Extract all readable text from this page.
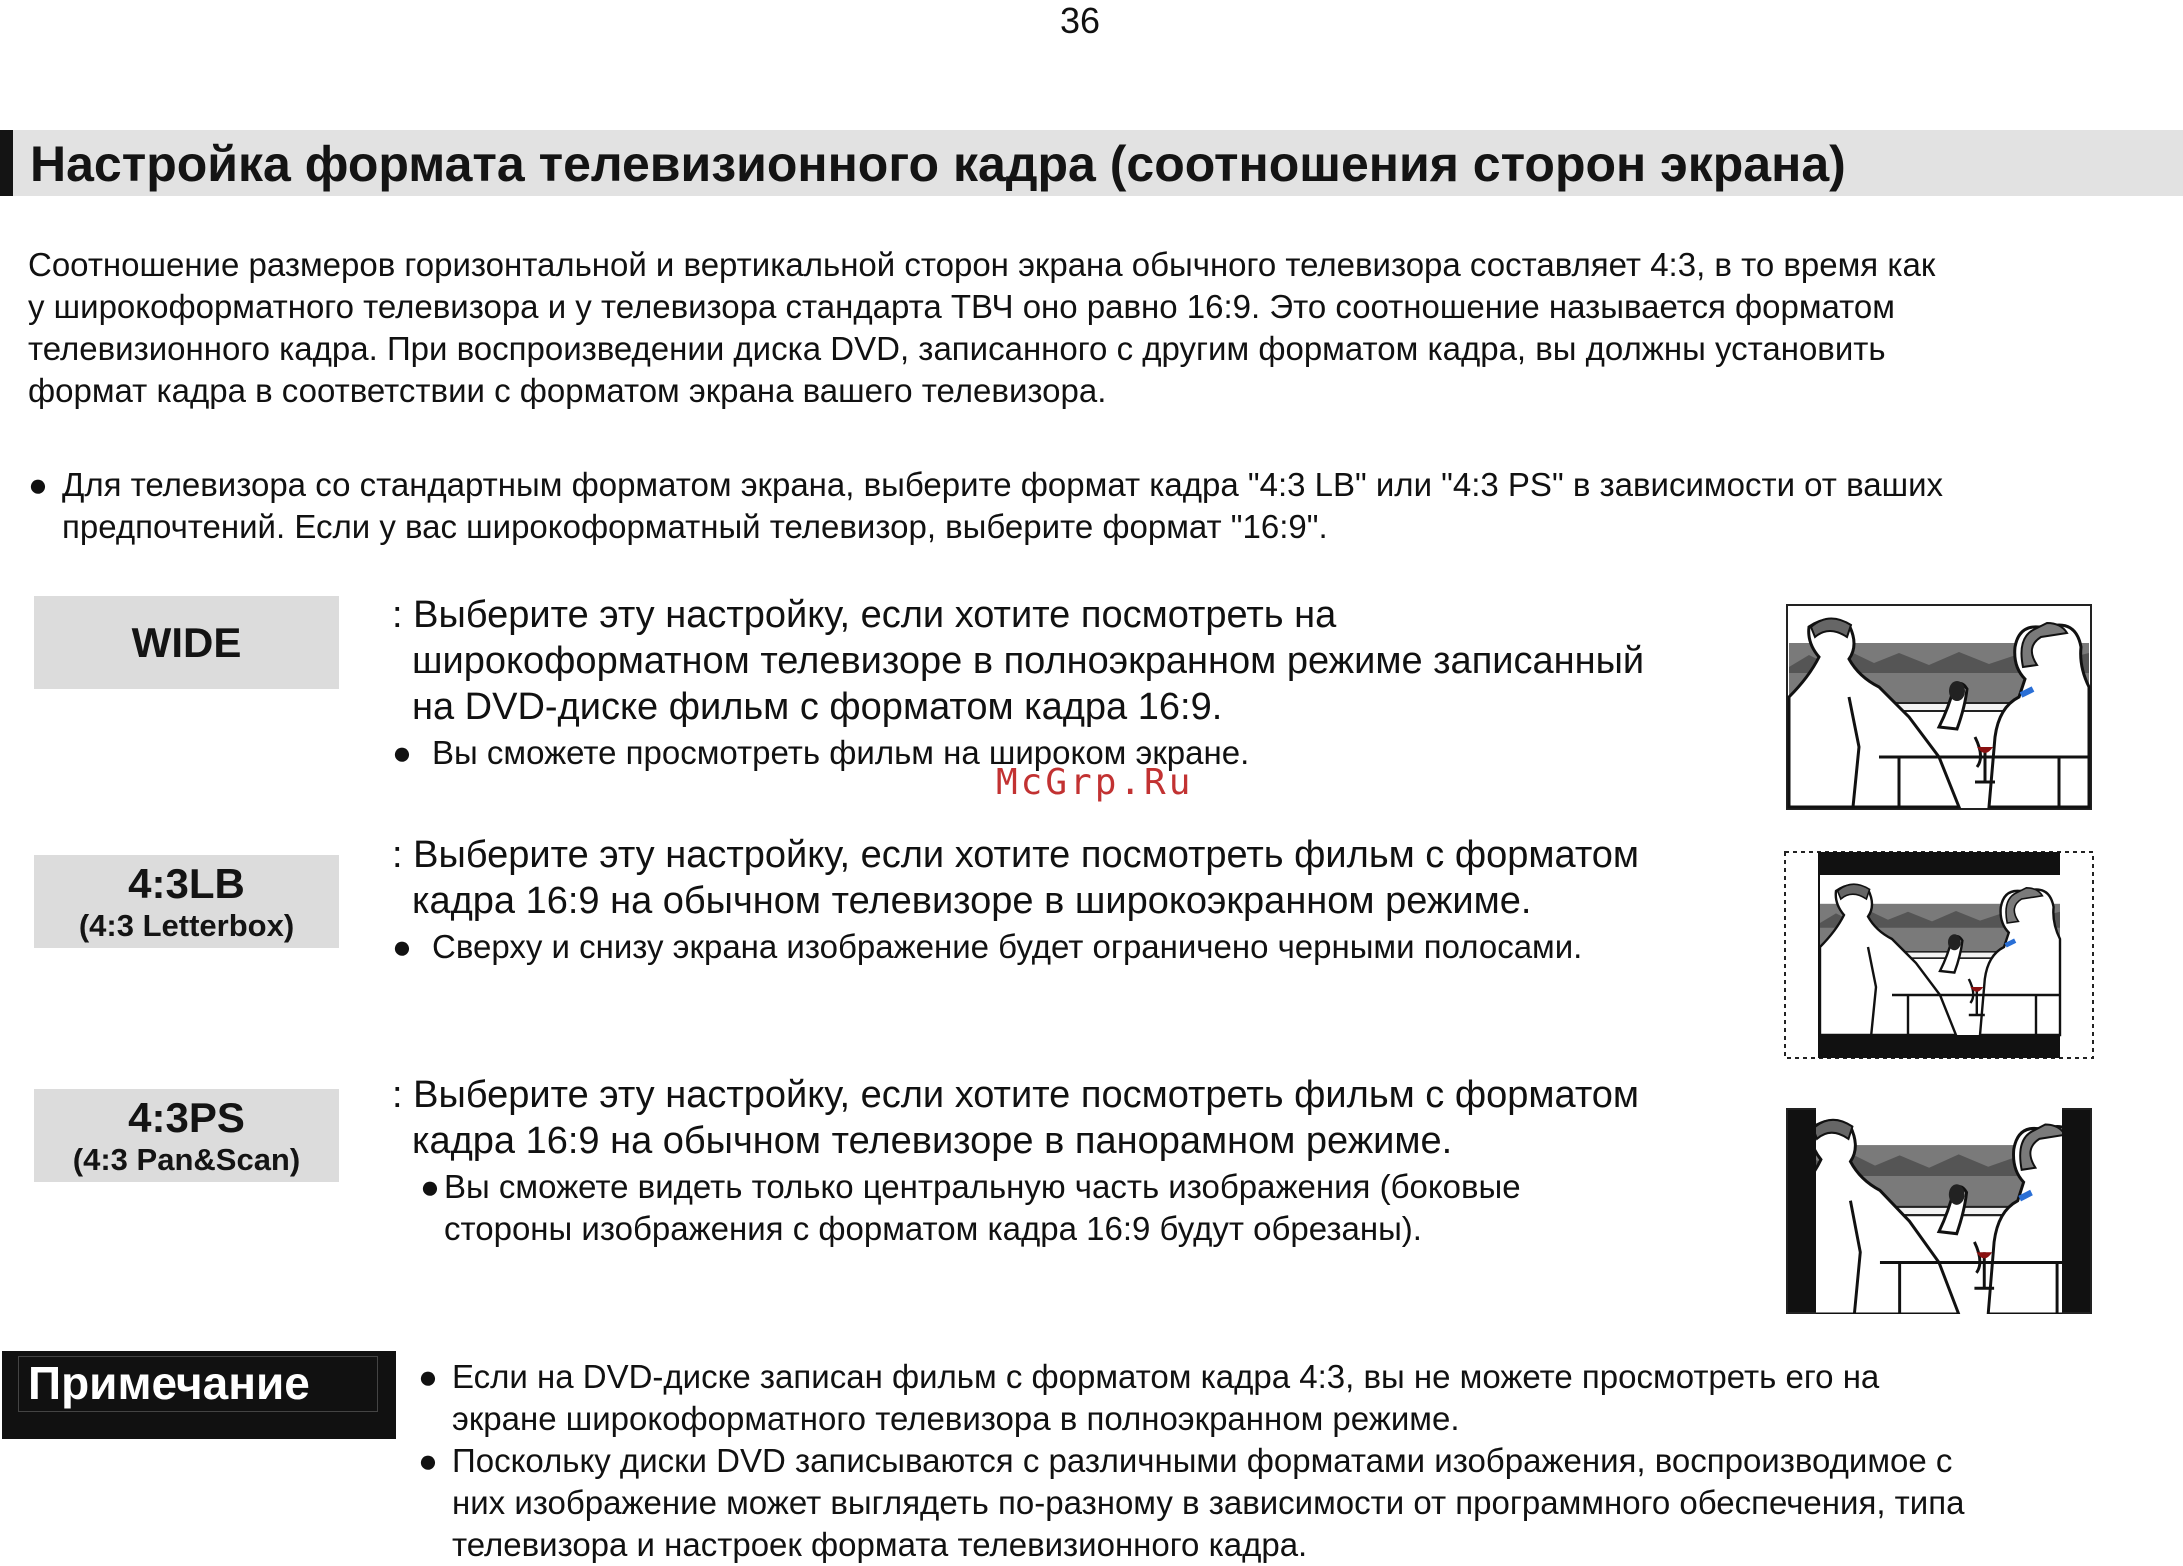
36
Настройка формата телевизионного кадра (соотношения сторон экрана)

Соотношение размеров горизонтальной и вертикальной сторон экрана обычного телевизора составляет 4:3, в то время как

у широкоформатного телевизора и у телевизора стандарта ТВЧ оно равно 16:9. Это соотношение называется форматом

телевизионного кадра. При воспроизведении диска DVD, записанного с другим форматом кадра, вы должны установить

формат кадра в соответствии с форматом экрана вашего телевизора.

● Для телевизора со стандартным форматом экрана, выберите формат кадра "4:3 LB" или "4:3 PS" в зависимости от ваших

предпочтений. Если у вас широкоформатный телевизор, выберите формат "16:9".

WIDE

: Выберите эту настройку, если хотите посмотреть на

широкоформатном телевизоре в полноэкранном режиме записанный

на DVD-диске фильм с форматом кадра 16:9.

● Вы сможете просмотреть фильм на широком экране.

4:3LB
(4:3 Letterbox)

: Выберите эту настройку, если хотите посмотреть фильм с форматом

кадра 16:9 на обычном телевизоре в широкоэкранном режиме.

● Сверху и снизу экрана изображение будет ограничено черными полосами.

4:3PS
(4:3 Pan&Scan)

: Выберите эту настройку, если хотите посмотреть фильм с форматом

кадра 16:9 на обычном телевизоре в панорамном режиме.

● Вы сможете видеть только центральную часть изображения (боковые

стороны изображения с форматом кадра 16:9 будут обрезаны).

McGrp.Ru
Примечание	● Если на DVD-диске записан фильм с форматом кадра 4:3, вы не можете просмотреть его на

экране широкоформатного телевизора в полноэкранном режиме.

● Поскольку диски DVD записываются с различными форматами изображения, воспроизводимое с

них изображение может выглядеть по-разному в зависимости от программного обеспечения, типа

телевизора и настроек формата телевизионного кадра.
